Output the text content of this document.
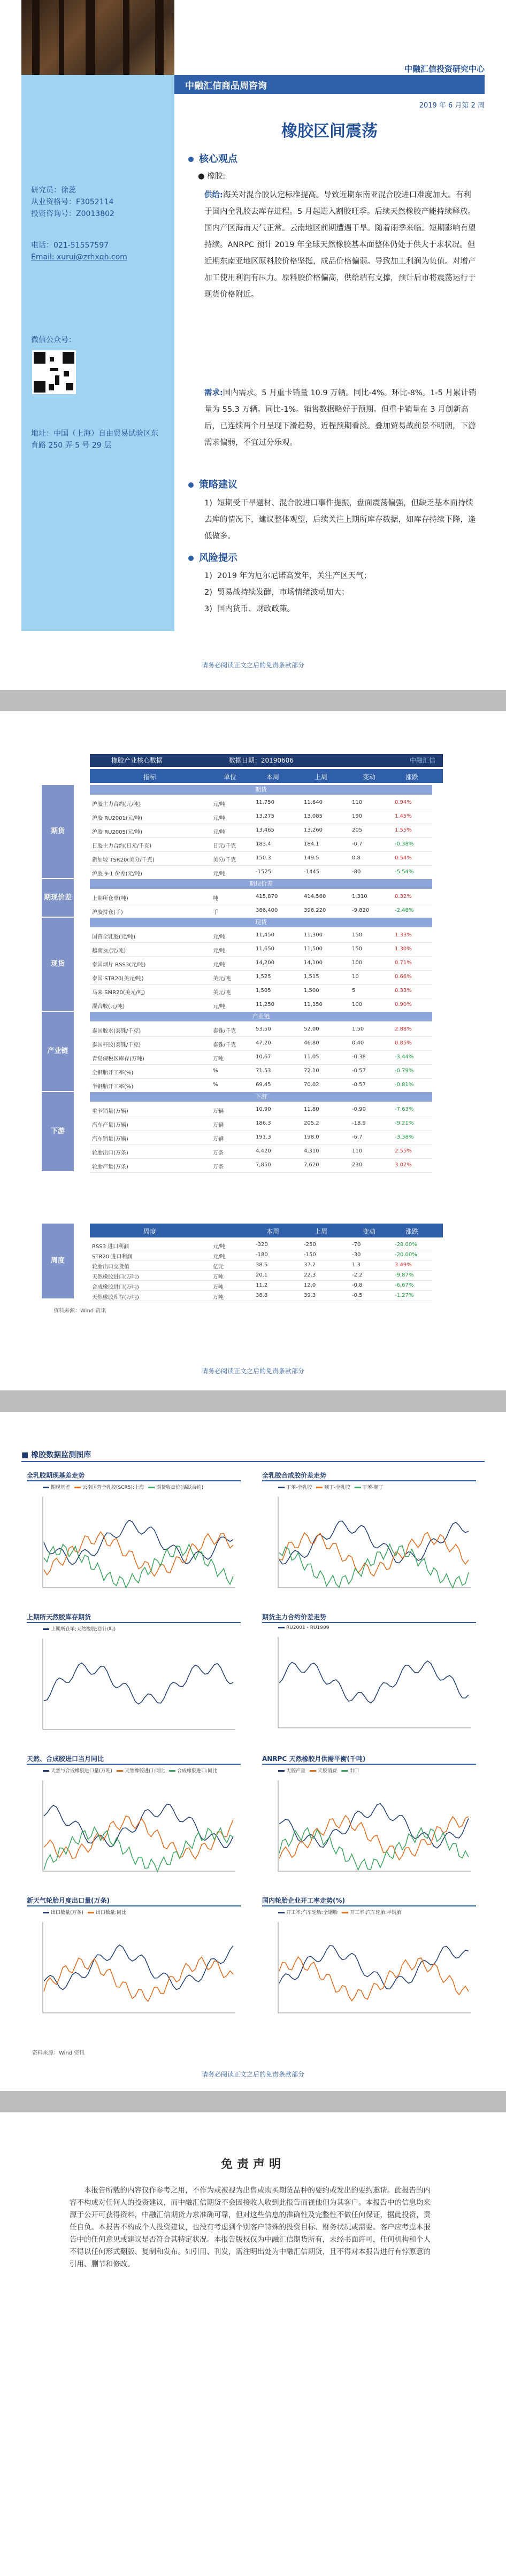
中融汇信投资研究中心
中融汇信商品周咨询
2019 年 6 月第 2 周
研究员：徐蕊
从业资格号：F3052114
投资咨询号：Z0013802
电话：021-51557597
Email: xurui@zrhxqh.com
微信公众号：
地址：中国（上海）自由贸易试验区东育路 250 弄 5 号 29 层
橡胶区间震荡
核心观点
● 橡胶:
供给:海关对混合胶认定标准提高。导致近期东南亚混合胶进口难度加大。有利于国内全乳胶去库存进程。5 月起进入割胶旺季。后续天然橡胶产能持续释放。国内产区海南天气正常。云南地区前期遭遇干旱。随着雨季来临。短期影响有望持续。ANRPC 预计 2019 年全球天然橡胶基本面整体仍处于供大于求状况。但近期东南亚地区原料胶价格坚挺，成品价格偏弱。导致加工利润为负值。对增产加工使用利润有压力。原料胶价格偏高，供给端有支撑，预计后市将震荡运行于现货价格附近。
需求:国内需求。5 月重卡销量 10.9 万辆。同比-4%。环比-8%。1-5 月累计销量为 55.3 万辆。同比-1%。销售数据略好于预期。但重卡销量在 3 月创新高后，已连续两个月呈现下滑趋势，近程预期看淡。叠加贸易战前景不明朗，下游需求偏弱，不宜过分乐观。
策略建议
1)  短期受干旱题材、混合胶进口事件提振，盘面震荡偏强，但缺乏基本面持续去库的情况下，建议整体观望，后续关注上期所库存数据，如库存持续下降，逢低做多。
风险提示
1)  2019 年为厄尔尼诺高发年，关注产区天气；
2)  贸易战持续发酵，市场情绪波动加大；
3)  国内货币、财政政策。
请务必阅读正文之后的免责条款部分
橡胶产业核心数据	数据日期：20190606	中融汇信
指标	单位	本周	上周	变动	涨跌
期货
期货
沪胶主力合约(元/吨)	元/吨	11,750	11,640	110	0.94%
沪胶 RU2001(元/吨)	元/吨	13,275	13,085	190	1.45%
沪胶 RU2005(元/吨)	元/吨	13,465	13,260	205	1.55%
日胶主力合约(日元/千克)	日元/千克	183.4	184.1	-0.7	-0.38%
新加坡 TSR20(美分/千克)	美分/千克	150.3	149.5	0.8	0.54%
沪胶 9-1 价差(元/吨)	元/吨	-1525	-1445	-80	-5.54%
期现价差
期现价差	上期所仓单(吨)	吨	415,870	414,560	1,310	0.32%
沪胶持仓(手)	手	386,400	396,220	-9,820	-2.48%
现货
现货
国营全乳胶(元/吨)	元/吨	11,450	11,300	150	1.33%
越南3L(元/吨)	元/吨	11,650	11,500	150	1.30%
泰国烟片 RSS3(元/吨)	元/吨	14,200	14,100	100	0.71%
泰国 STR20(美元/吨)	美元/吨	1,525	1,515	10	0.66%
马来 SMR20(美元/吨)	美元/吨	1,505	1,500	5	0.33%
混合胶(元/吨)	元/吨	11,250	11,150	100	0.90%
产业链
产业链
泰国胶水(泰铢/千克)	泰铢/千克	53.50	52.00	1.50	2.88%
泰国杯胶(泰铢/千克)	泰铢/千克	47.20	46.80	0.40	0.85%
青岛保税区库存(万吨)	万吨	10.67	11.05	-0.38	-3.44%
全钢胎开工率(%)	%	71.53	72.10	-0.57	-0.79%
半钢胎开工率(%)	%	69.45	70.02	-0.57	-0.81%
下游
下游
重卡销量(万辆)	万辆	10.90	11.80	-0.90	-7.63%
汽车产量(万辆)	万辆	186.3	205.2	-18.9	-9.21%
汽车销量(万辆)	万辆	191.3	198.0	-6.7	-3.38%
轮胎出口(万条)	万条	4,420	4,310	110	2.55%
轮胎产量(万条)	万条	7,850	7,620	230	3.02%
周度	本周	上周	变动	涨跌
RSS3 进口利润	元/吨	-320	-250	-70	-28.00%
STR20 进口利润	元/吨	-180	-150	-30	-20.00%
轮胎出口交货值	亿元	38.5	37.2	1.3	3.49%
天然橡胶进口(万吨)	万吨	20.1	22.3	-2.2	-9.87%
合成橡胶进口(万吨)	万吨	11.2	12.0	-0.8	-6.67%
天然橡胶库存(万吨)	万吨	38.8	39.3	-0.5	-1.27%
周度
资料来源：Wind 资讯
请务必阅读正文之后的免责条款部分
■ 橡胶数据监测图库
全乳胶期现基差走势
期现基差	云南国营全乳胶(SCR5):上海	期货收盘价(活跃合约)
全乳胶合成胶价差走势
丁苯-全乳胶	顺丁-全乳胶	丁苯-顺丁
上期所天然胶库存期货
上期所仓单:天然橡胶:总计(吨)
期货主力合约价差走势
RU2001 - RU1909
天然、合成胶进口当月同比
天然与合成橡胶进口量(万吨)	天然橡胶进口:同比	合成橡胶进口:同比
ANRPC 天然橡胶月供需平衡(千吨)
天胶产量	天胶消费	出口
新天气轮胎月度出口量(万条)
出口数量(万条)	出口数量:同比
国内轮胎企业开工率走势(%)
开工率:汽车轮胎:全钢胎	开工率:汽车轮胎:半钢胎
资料来源：Wind 资讯
请务必阅读正文之后的免责条款部分
免责声明
本报告所载的内容仅作参考之用，不作为或被视为出售或购买期货品种的要约或发出的要约邀请。此报告的内容不构成对任何人的投资建议，而中融汇信期货不会因接收人收到此报告而视他们为其客户。本报告中的信息均来源于公开可获得资料，中融汇信期货力求准确可靠，但对这些信息的准确性及完整性不做任何保证，据此投资，责任自负。本报告不构成个人投资建议，也没有考虑到个别客户特殊的投资目标、财务状况或需要。客户应考虑本报告中的任何意见或建议是否符合其特定状况。本报告版权仅为中融汇信期货所有，未经书面许可，任何机构和个人不得以任何形式翻版、复制和发布。如引用、刊发，需注明出处为中融汇信期货，且不得对本报告进行有悖原意的引用、删节和修改。
